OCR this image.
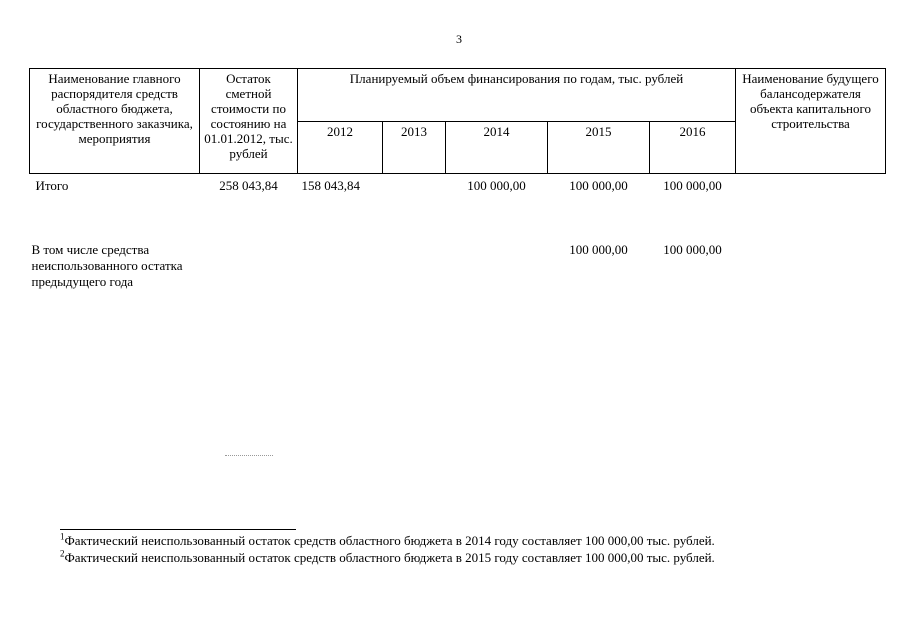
3
Наименование главного распорядителя средств областного бюджета, государственного заказчика, мероприятия	Остаток сметной стоимости по состоянию на 01.01.2012, тыс. рублей	Планируемый объем финансирования по годам, тыс. рублей					Наименование будущего балансодержателя объекта капитального строительства
		2012	2013	2014	2015	2016	
Итого	258 043,84	158 043,84		100 000,00	100 000,00	100 000,00	
В том числе средства неиспользованного остатка предыдущего года					100 000,00	100 000,00	
$^1$Фактический неиспользованный остаток средств областного бюджета в 2014 году составляет 100 000,00 тыс. рублей.
$^2$Фактический неиспользованный остаток средств областного бюджета в 2015 году составляет 100 000,00 тыс. рублей.
